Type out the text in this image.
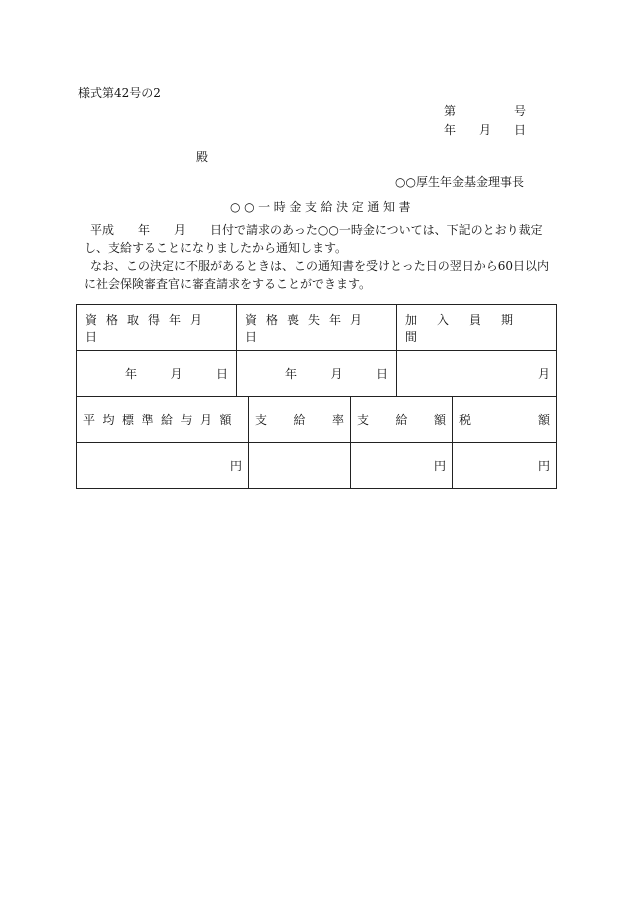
様式第42号の2
第	号
年 月 日
殿
○○厚生年金基金理事長
○○一時金支給決定通知書
平成　　年　　月　　日付で請求のあった○○一時金については、下記のとおり裁定
し、支給することになりましたから通知します。
なお、この決定に不服があるときは、この通知書を受けとった日の翌日から60日以内
に社会保険審査官に審査請求をすることができます。
資格取得年月日	資格喪失年月日	加入員期間

年 月 日	年 月 日	月
平均標準給与月額	支 給 率	支 給 額	税 額

円		円	円
